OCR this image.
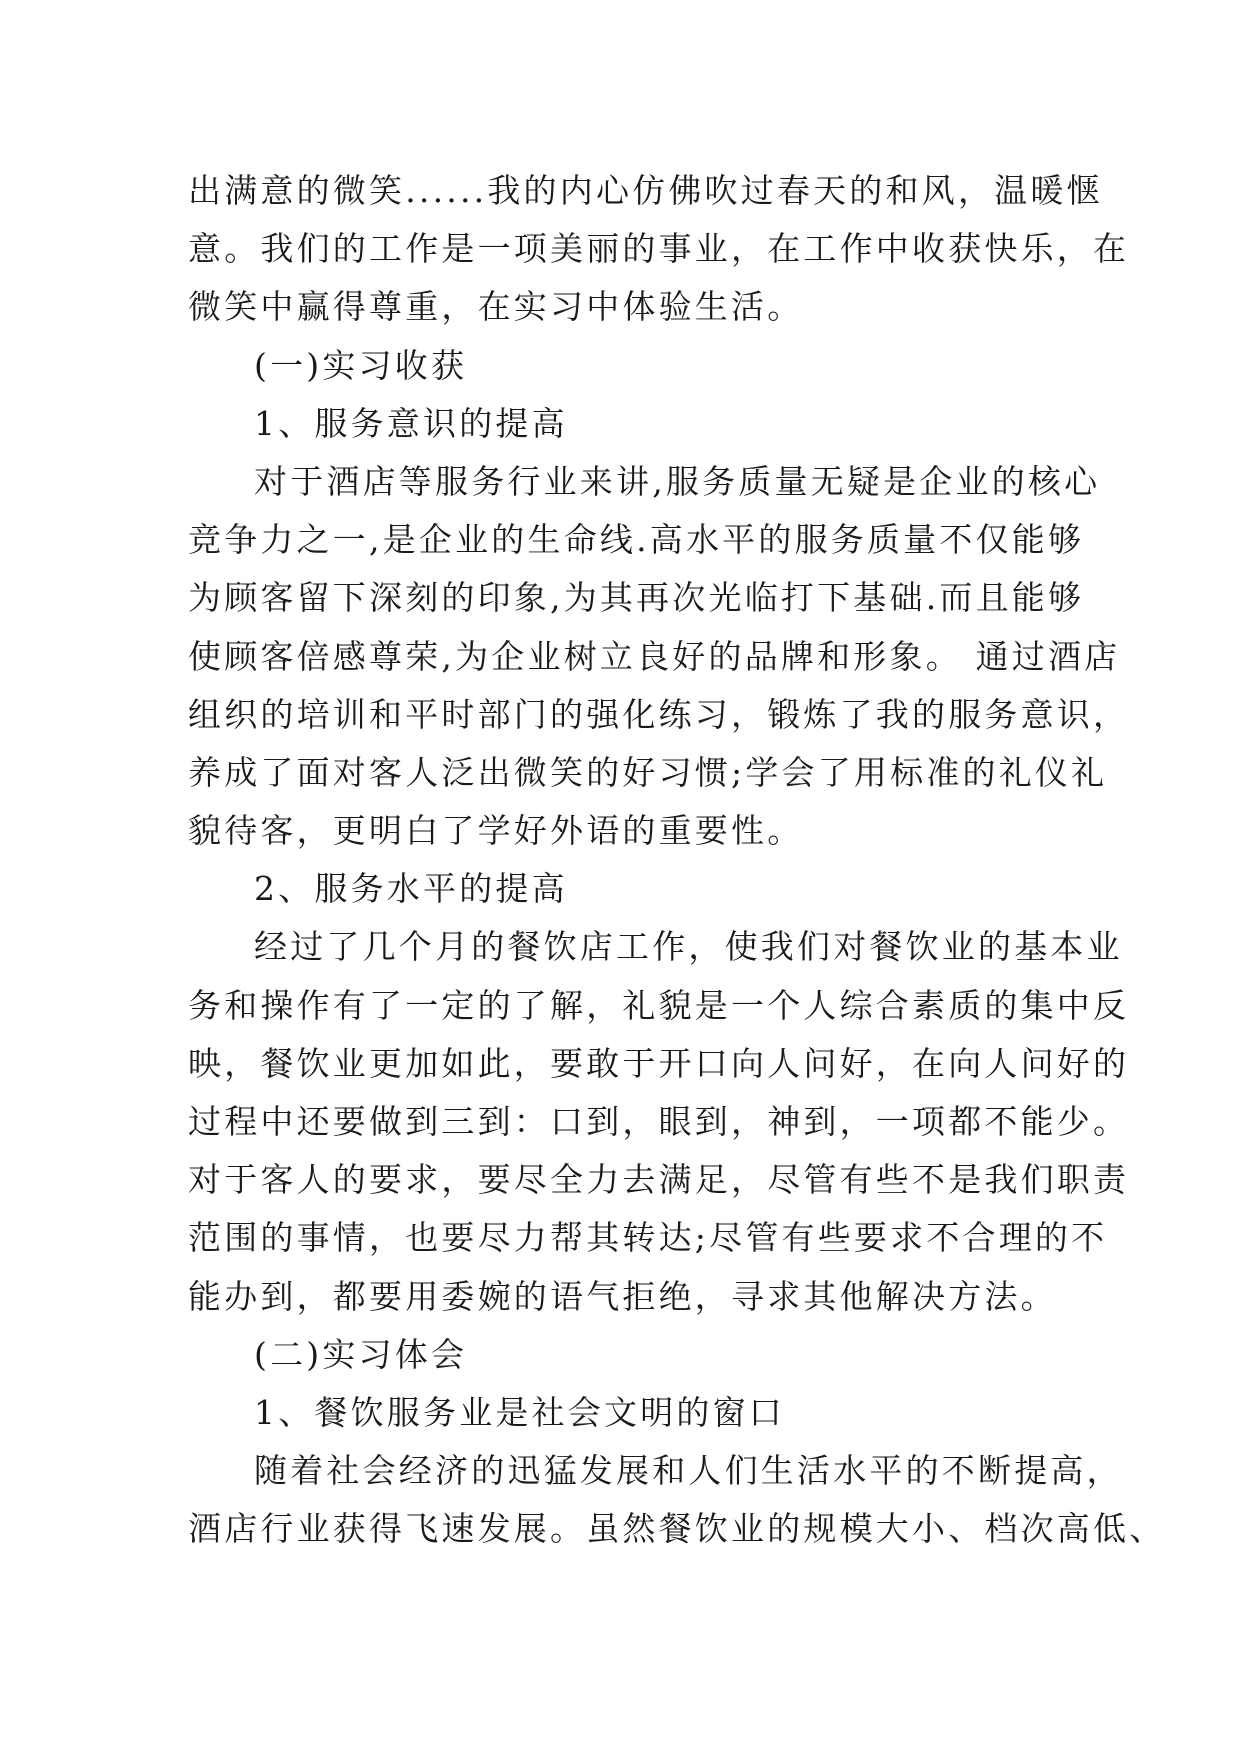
出满意的微笑......我的内心仿佛吹过春天的和风，温暖惬
意。我们的工作是一项美丽的事业，在工作中收获快乐，在
微笑中赢得尊重，在实习中体验生活。
(一)实习收获
1、服务意识的提高
对于酒店等服务行业来讲,服务质量无疑是企业的核心
竞争力之一,是企业的生命线.高水平的服务质量不仅能够
为顾客留下深刻的印象,为其再次光临打下基础.而且能够
使顾客倍感尊荣,为企业树立良好的品牌和形象。 通过酒店
组织的培训和平时部门的强化练习，锻炼了我的服务意识，
养成了面对客人泛出微笑的好习惯;学会了用标准的礼仪礼
貌待客，更明白了学好外语的重要性。
2、服务水平的提高
经过了几个月的餐饮店工作，使我们对餐饮业的基本业
务和操作有了一定的了解，礼貌是一个人综合素质的集中反
映，餐饮业更加如此，要敢于开口向人问好，在向人问好的
过程中还要做到三到：口到，眼到，神到，一项都不能少。
对于客人的要求，要尽全力去满足，尽管有些不是我们职责
范围的事情，也要尽力帮其转达;尽管有些要求不合理的不
能办到，都要用委婉的语气拒绝，寻求其他解决方法。
(二)实习体会
1、餐饮服务业是社会文明的窗口
随着社会经济的迅猛发展和人们生活水平的不断提高，
酒店行业获得飞速发展。虽然餐饮业的规模大小、档次高低、
